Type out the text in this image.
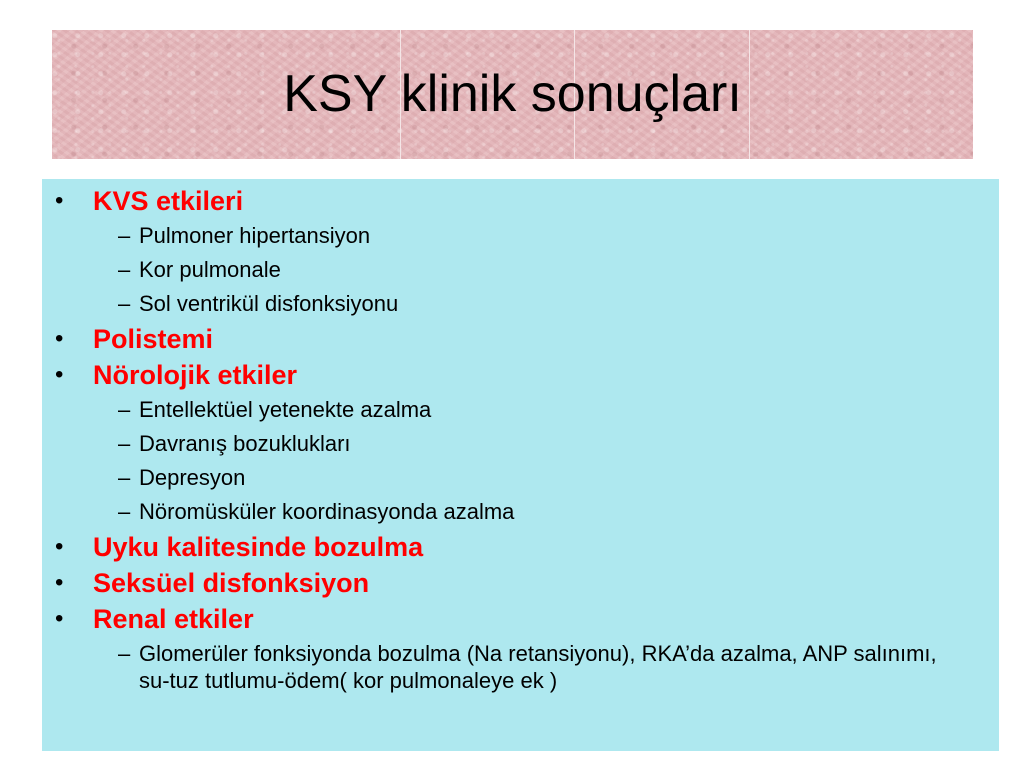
KSY klinik sonuçları
• KVS etkileri
– Pulmoner hipertansiyon
– Kor pulmonale
– Sol ventrikül disfonksiyonu
• Polistemi
• Nörolojik etkiler
– Entellektüel yetenekte azalma
– Davranış bozuklukları
– Depresyon
– Nöromüsküler koordinasyonda azalma
• Uyku kalitesinde bozulma
• Seksüel disfonksiyon
• Renal etkiler
– Glomerüler fonksiyonda bozulma (Na retansiyonu), RKA’da azalma, ANP salınımı, su-tuz tutlumu-ödem( kor pulmonaleye ek )
